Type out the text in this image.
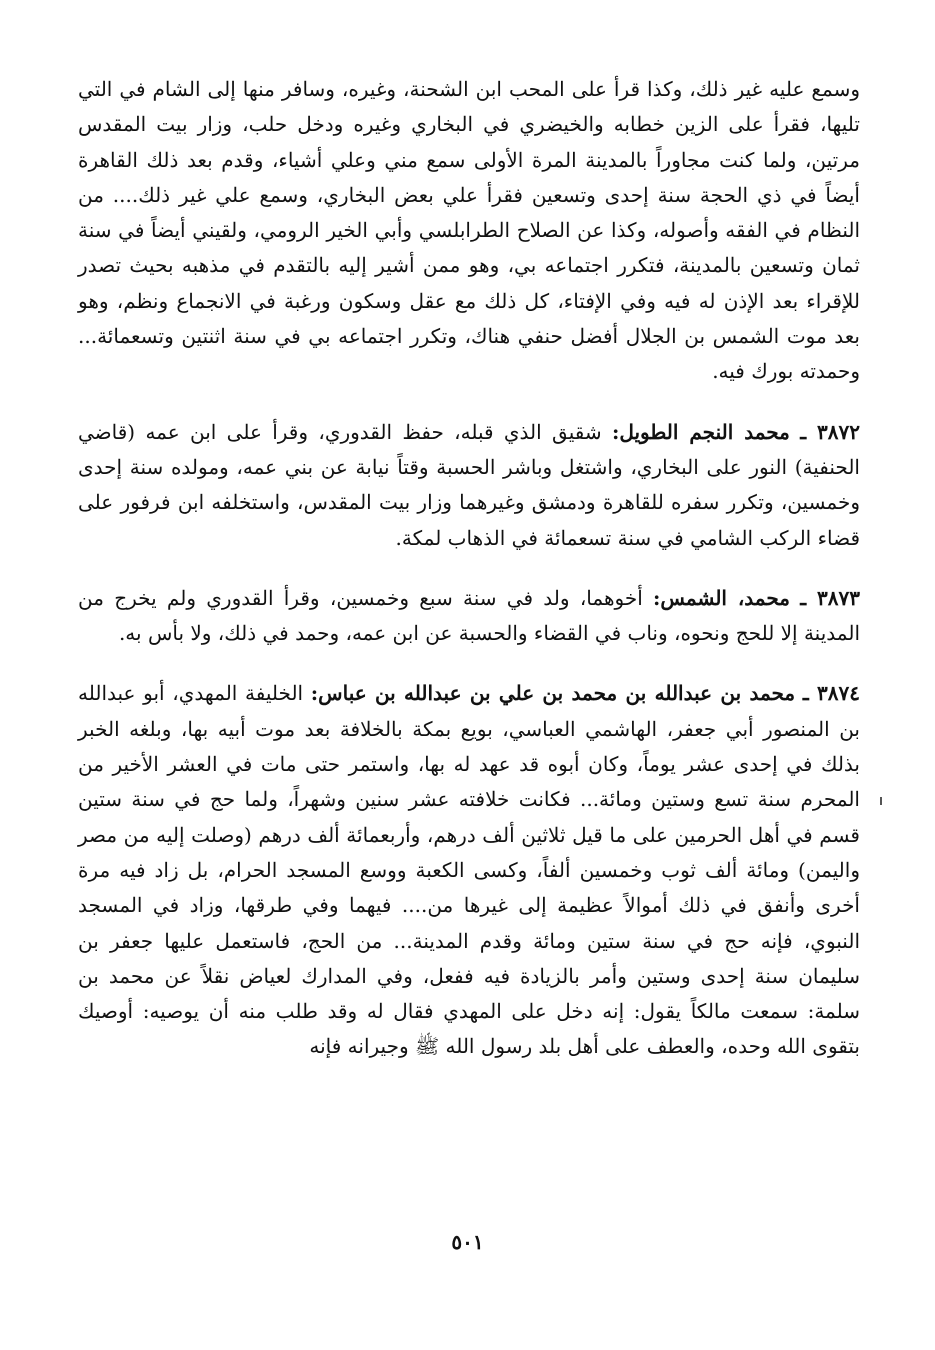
وسمع عليه غير ذلك، وكذا قرأ على المحب ابن الشحنة، وغيره، وسافر منها إلى الشام في التي تليها، فقرأ على الزين خطابه والخيضري في البخاري وغيره ودخل حلب، وزار بيت المقدس مرتين، ولما كنت مجاوراً بالمدينة المرة الأولى سمع مني وعلي أشياء، وقدم بعد ذلك القاهرة أيضاً في ذي الحجة سنة إحدى وتسعين فقرأ علي بعض البخاري، وسمع علي غير ذلك.... من النظام في الفقه وأصوله، وكذا عن الصلاح الطرابلسي وأبي الخير الرومي، ولقيني أيضاً في سنة ثمان وتسعين بالمدينة، فتكرر اجتماعه بي، وهو ممن أشير إليه بالتقدم في مذهبه بحيث تصدر للإقراء بعد الإذن له فيه وفي الإفتاء، كل ذلك مع عقل وسكون ورغبة في الانجماع ونظم، وهو بعد موت الشمس بن الجلال أفضل حنفي هناك، وتكرر اجتماعه بي في سنة اثنتين وتسعمائة... وحمدته بورك فيه.

٣٨٧٢ ـ محمد النجم الطويل: شقيق الذي قبله، حفظ القدوري، وقرأ على ابن عمه (قاضي الحنفية) النور على البخاري، واشتغل وباشر الحسبة وقتاً نيابة عن بني عمه، ومولده سنة إحدى وخمسين، وتكرر سفره للقاهرة ودمشق وغيرهما وزار بيت المقدس، واستخلفه ابن فرفور على قضاء الركب الشامي في سنة تسعمائة في الذهاب لمكة.

٣٨٧٣ ـ محمد، الشمس: أخوهما، ولد في سنة سبع وخمسين، وقرأ القدوري ولم يخرج من المدينة إلا للحج ونحوه، وناب في القضاء والحسبة عن ابن عمه، وحمد في ذلك، ولا بأس به.

٣٨٧٤ ـ محمد بن عبدالله بن محمد بن علي بن عبدالله بن عباس: الخليفة المهدي، أبو عبدالله بن المنصور أبي جعفر، الهاشمي العباسي، بويع بمكة بالخلافة بعد موت أبيه بها، وبلغه الخبر بذلك في إحدى عشر يوماً، وكان أبوه قد عهد له بها، واستمر حتى مات في العشر الأخير من المحرم سنة تسع وستين ومائة... فكانت خلافته عشر سنين وشهراً، ولما حج في سنة ستين قسم في أهل الحرمين على ما قيل ثلاثين ألف درهم، وأربعمائة ألف درهم (وصلت إليه من مصر واليمن) ومائة ألف ثوب وخمسين ألفاً، وكسى الكعبة ووسع المسجد الحرام، بل زاد فيه مرة أخرى وأنفق في ذلك أموالاً عظيمة إلى غيرها من.... فيهما وفي طرقها، وزاد في المسجد النبوي، فإنه حج في سنة ستين ومائة وقدم المدينة... من الحج، فاستعمل عليها جعفر بن سليمان سنة إحدى وستين وأمر بالزيادة فيه ففعل، وفي المدارك لعياض نقلاً عن محمد بن سلمة: سمعت مالكاً يقول: إنه دخل على المهدي فقال له وقد طلب منه أن يوصيه: أوصيك بتقوى الله وحده، والعطف على أهل بلد رسول الله ﷺ وجيرانه فإنه

٥٠١
